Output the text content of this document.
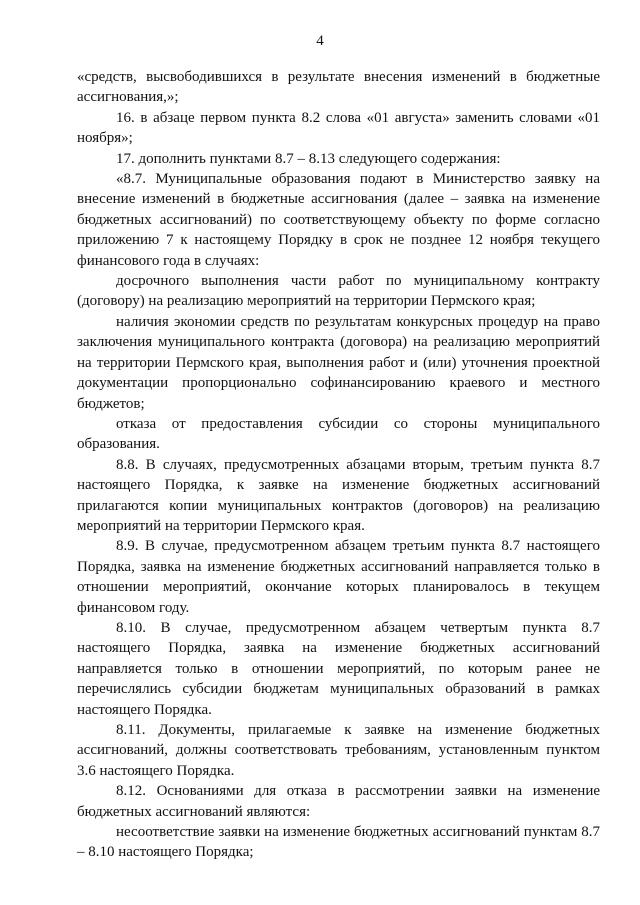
4

«средств, высвободившихся в результате внесения изменений в бюджетные ассигнования,»;

16. в абзаце первом пункта 8.2 слова «01 августа» заменить словами «01 ноября»;

17. дополнить пунктами 8.7 – 8.13 следующего содержания:

«8.7. Муниципальные образования подают в Министерство заявку на внесение изменений в бюджетные ассигнования (далее – заявка на изменение бюджетных ассигнований) по соответствующему объекту по форме согласно приложению 7 к настоящему Порядку в срок не позднее 12 ноября текущего финансового года в случаях:

досрочного выполнения части работ по муниципальному контракту (договору) на реализацию мероприятий на территории Пермского края;

наличия экономии средств по результатам конкурсных процедур на право заключения муниципального контракта (договора) на реализацию мероприятий на территории Пермского края, выполнения работ и (или) уточнения проектной документации пропорционально софинансированию краевого и местного бюджетов;

отказа от предоставления субсидии со стороны муниципального образования.

8.8. В случаях, предусмотренных абзацами вторым, третьим пункта 8.7 настоящего Порядка, к заявке на изменение бюджетных ассигнований прилагаются копии муниципальных контрактов (договоров) на реализацию мероприятий на территории Пермского края.

8.9. В случае, предусмотренном абзацем третьим пункта 8.7 настоящего Порядка, заявка на изменение бюджетных ассигнований направляется только в отношении мероприятий, окончание которых планировалось в текущем финансовом году.

8.10. В случае, предусмотренном абзацем четвертым пункта 8.7 настоящего Порядка, заявка на изменение бюджетных ассигнований направляется только в отношении мероприятий, по которым ранее не перечислялись субсидии бюджетам муниципальных образований в рамках настоящего Порядка.

8.11. Документы, прилагаемые к заявке на изменение бюджетных ассигнований, должны соответствовать требованиям, установленным пунктом 3.6 настоящего Порядка.

8.12. Основаниями для отказа в рассмотрении заявки на изменение бюджетных ассигнований являются:

несоответствие заявки на изменение бюджетных ассигнований пунктам 8.7 – 8.10 настоящего Порядка;
